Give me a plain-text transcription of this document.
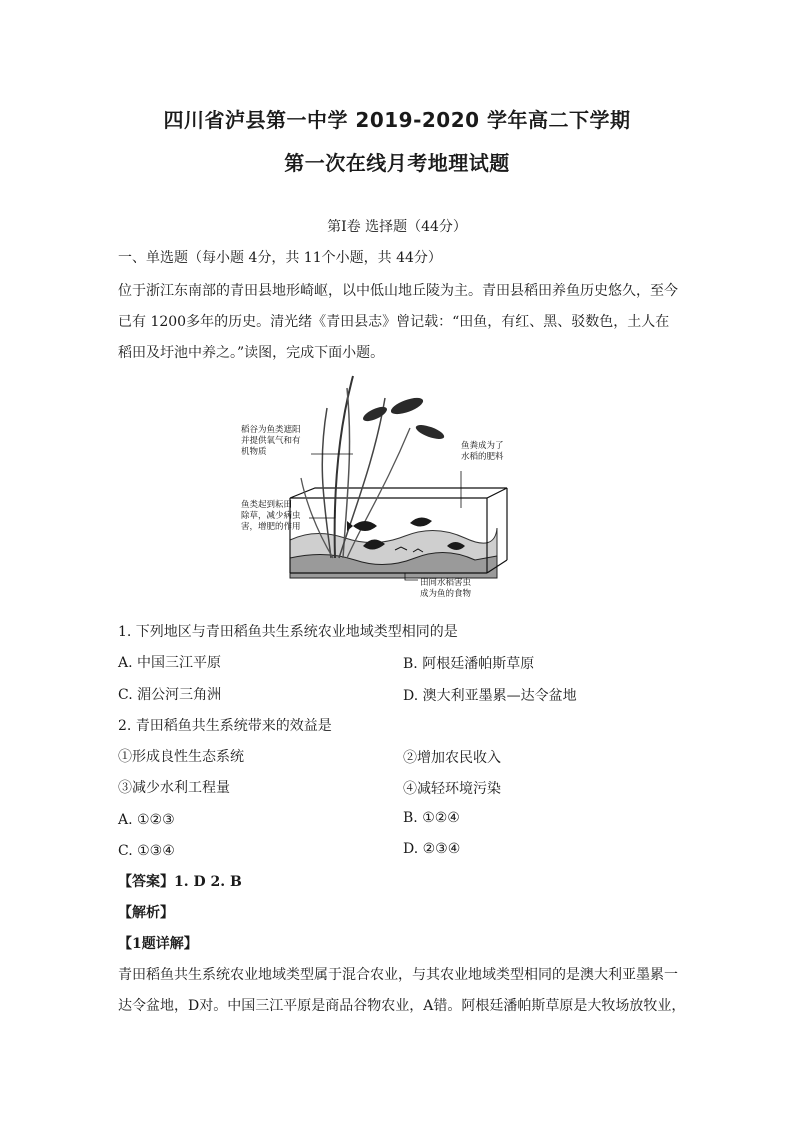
四川省泸县第一中学 2019-2020 学年高二下学期
第一次在线月考地理试题
第Ⅰ卷 选择题（44分）
一、单选题（每小题 4分，共 11个小题，共 44分）
位于浙江东南部的青田县地形崎岖，以中低山地丘陵为主。青田县稻田养鱼历史悠久，至今
已有 1200多年的历史。清光绪《青田县志》曾记载：“田鱼，有红、黑、驳数色，土人在
稻田及圩池中养之。”读图，完成下面小题。
稻谷为鱼类遮阳
并提供氧气和有
机物质
鱼粪成为了
水稻的肥料
鱼类起到耘田
除草，减少病虫
害，增肥的作用
田间水稻害虫
成为鱼的食物
1. 下列地区与青田稻鱼共生系统农业地域类型相同的是
A. 中国三江平原	B. 阿根廷潘帕斯草原
C. 湄公河三角洲	D. 澳大利亚墨累—达令盆地
2. 青田稻鱼共生系统带来的效益是
①形成良性生态系统	②增加农民收入
③减少水利工程量	④减轻环境污染
A. ①②③	B. ①②④
C. ①③④	D. ②③④
【答案】1. D 2. B
【解析】
【1题详解】
青田稻鱼共生系统农业地域类型属于混合农业，与其农业地域类型相同的是澳大利亚墨累一
达令盆地，D对。中国三江平原是商品谷物农业，A错。阿根廷潘帕斯草原是大牧场放牧业，
